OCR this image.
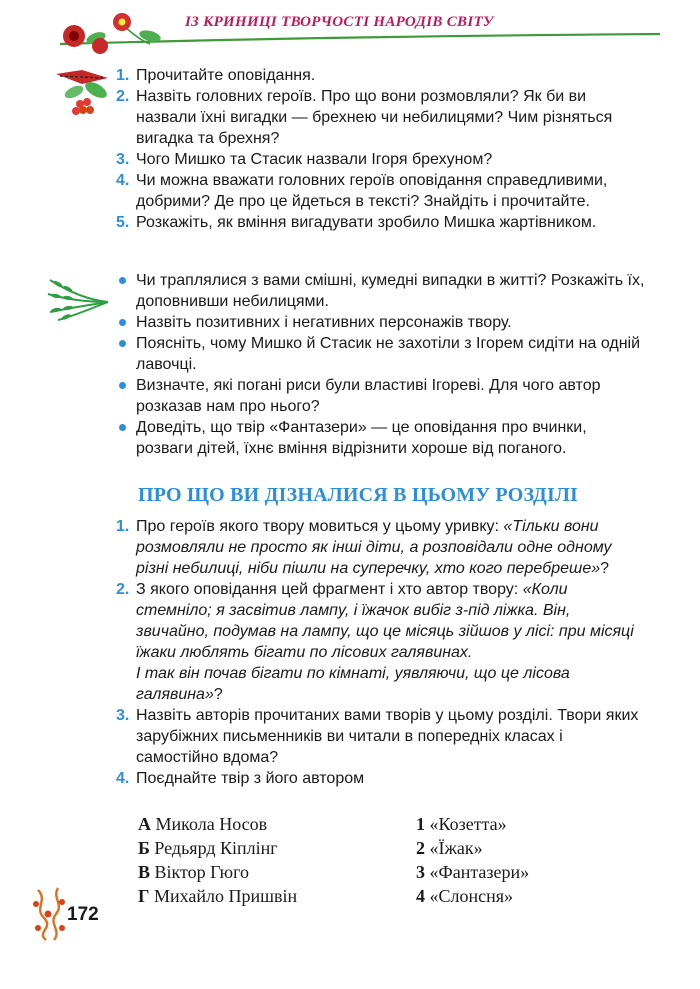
ІЗ КРИНИЦІ ТВОРЧОСТІ НАРОДІВ СВІТУ
1. Прочитайте оповідання.
2. Назвіть головних героїв. Про що вони розмовляли? Як би ви назвали їхні вигадки — брехнею чи небилицями? Чим різняться вигадка та брехня?
3. Чого Мишко та Стасик назвали Ігоря брехуном?
4. Чи можна вважати головних героїв оповідання справедливими, добрими? Де про це йдеться в тексті? Знайдіть і прочитайте.
5. Розкажіть, як вміння вигадувати зробило Мишка жартівником.
Чи траплялися з вами смішні, кумедні випадки в житті? Розкажіть їх, доповнивши небилицями.
Назвіть позитивних і негативних персонажів твору.
Поясніть, чому Мишко й Стасик не захотіли з Ігорем сидіти на одній лавочці.
Визначте, які погані риси були властиві Ігореві. Для чого автор розказав нам про нього?
Доведіть, що твір «Фантазери» — це оповідання про вчинки, розваги дітей, їхнє вміння відрізнити хороше від поганого.
ПРО ЩО ВИ ДІЗНАЛИСЯ В ЦЬОМУ РОЗДІЛІ
1. Про героїв якого твору мовиться у цьому уривку: «Тільки вони розмовляли не просто як інші діти, а розповідали одне одному різні небилиці, ніби пішли на суперечку, хто кого перебреше»?
2. З якого оповідання цей фрагмент і хто автор твору: «Коли стемніло; я засвітив лампу, і їжачок вибіг з-під ліжка. Він, звичайно, подумав на лампу, що це місяць зійшов у лісі: при місяці їжаки люблять бігати по лісових галявинах.
І так він почав бігати по кімнаті, уявляючи, що це лісова галявина»?
3. Назвіть авторів прочитаних вами творів у цьому розділі. Твори яких зарубіжних письменників ви читали в попередніх класах і самостійно вдома?
4. Поєднайте твір з його автором
А Микола Носов	1 «Козетта»
Б Редьярд Кіплінг	2 «Їжак»
В Віктор Гюго	3 «Фантазери»
Г Михайло Пришвін	4 «Слонсня»
172
